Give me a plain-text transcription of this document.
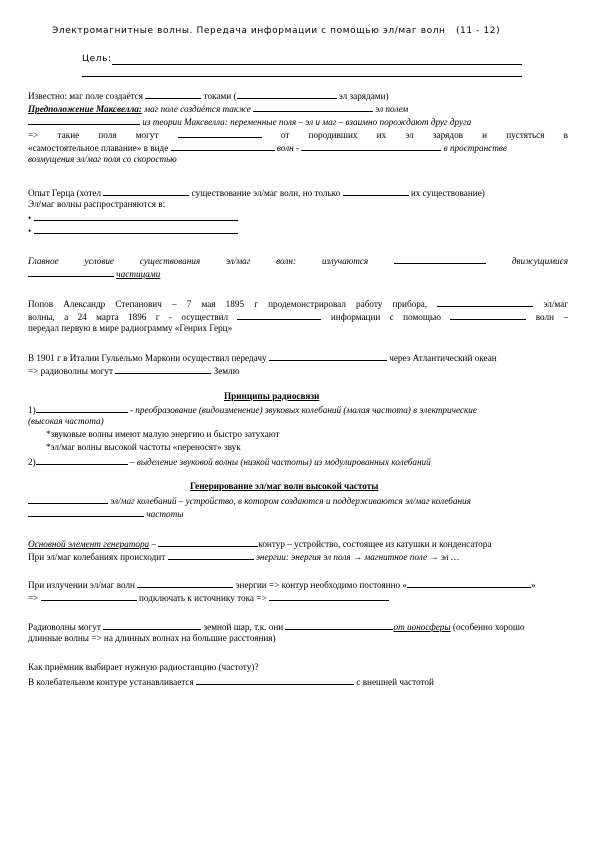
Электромагнитные волны. Передача информации с помощью эл/маг волн (11 - 12)
Цель:
Известно: маг поле создаётся	токами (	эл зарядами)
Предположение Максвелла: маг поле создаётся также	эл полем
из теории Максвелла: переменные поля – эл и маг – взаимно порождают друг друга
=> такие поля могут	от породивших их эл зарядов и пустяться в
«самостоятельное плавание» в виде	волн -	в пространстве
возмущения эл/маг поля со скоростью
Опыт Герца (хотел	существование эл/маг волн, но только	их существование)
Эл/маг волны распространяются в:
•
•
Главное условие существования эл/маг волн: излучаются	движущимися
частицами
Попов Александр Степанович – 7 мая 1895 г продемонстрировал работу прибора,	эл/маг
волны, а 24 марта 1896 г - осуществил	информации с помощью	волн –
передал первую в мире радиограмму «Генрих Герц»
В 1901 г в Италии Гульельмо Маркони осуществил передачу	через Атлантический океан
=> радиоволны могут	Землю
Принципы радиосвязи
1)	- преобразование (видоизменение) звуковых колебаний (малая частота) в электрические
(высокая частота)
*звуковые волны имеют малую энергию и быстро затухают
*эл/маг волны высокой частоты «переносят» звук
2)	– выделение звуковой волны (низкой частоты) из модулированных колебаний
Генерирование эл/маг волн высокой частоты
эл/маг колебаний – устройство, в котором создаются и поддерживаются эл/маг колебания
частоты
Основной элемент генератора –	контур – устройство, состоящее из катушки и конденсатора
При эл/маг колебаниях происходит	энергии: энергия эл поля → магнитное поле → эл …
При излучении эл/маг волн	энергии => контур необходимо постоянно «	»
=>	подключать к источнику тока =>
Радиоволны могут	земной шар, т.к. они	от ионосферы (особенно хорошо
длинные волны => на длинных волнах на большие расстояния)
Как приёмник выбирает нужную радиостанцию (частоту)?
В колебательном контуре устанавливается	с внешней частотой
